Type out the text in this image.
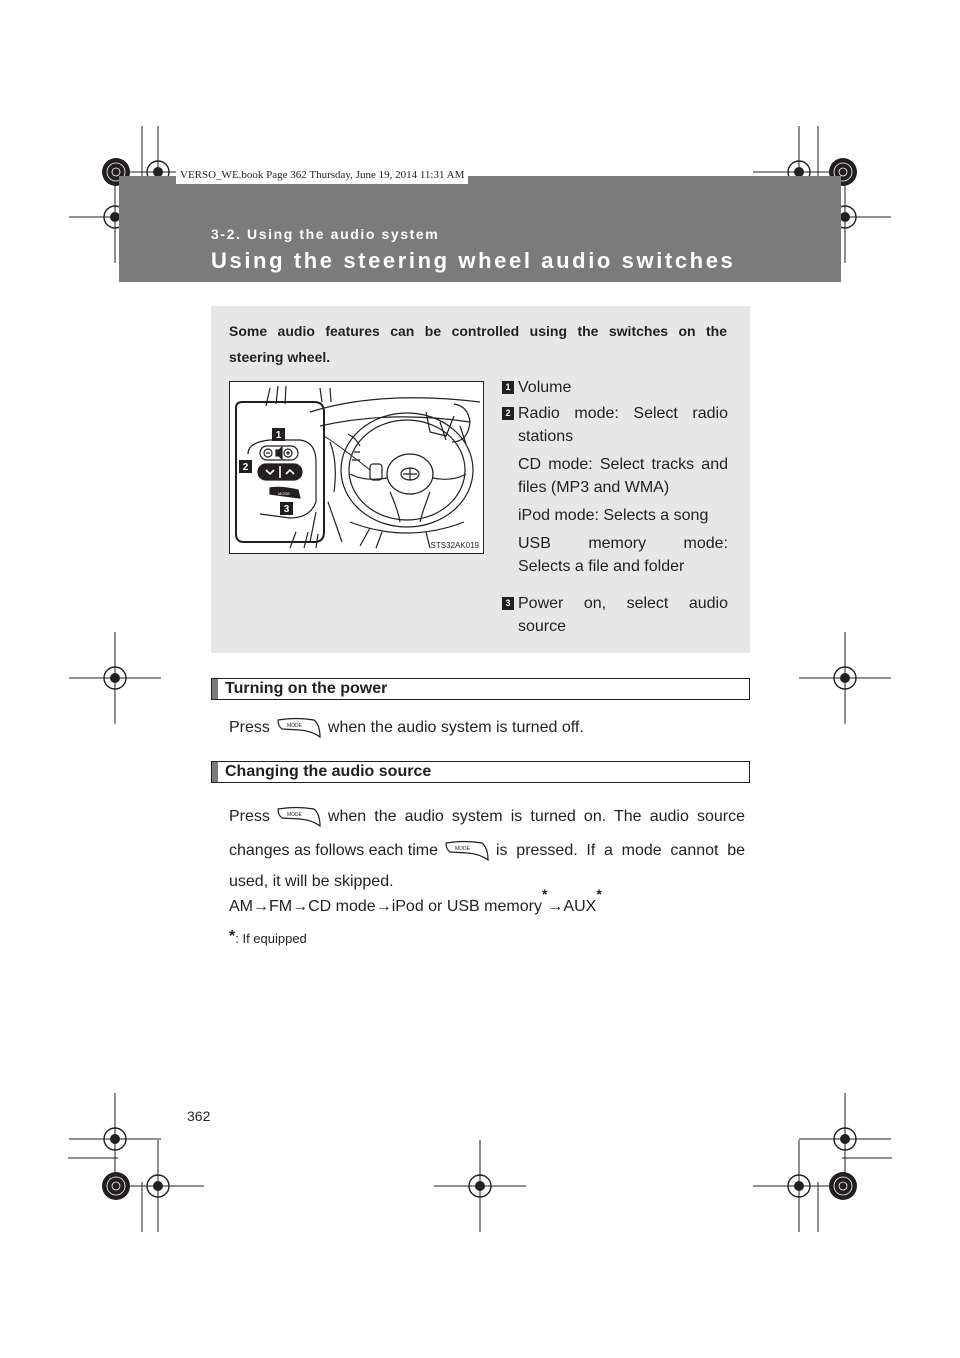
VERSO_WE.book Page 362 Thursday, June 19, 2014 11:31 AM
3-2. Using the audio system
Using the steering wheel audio switches
Some audio features can be controlled using the switches on the
steering wheel.
MODE
1
2
3
STS32AK019
1 Volume
2 Radio mode: Select radio
stations
CD mode: Select tracks and
files (MP3 and WMA)
iPod mode: Selects a song
USB memory mode:
Selects a file and folder
3 Power on, select audio
source
Turning on the power
Press	MODE when the audio system is turned off.
Changing the audio source
Press	MODE when the audio system is turned on. The audio source
changes as follows each time	MODE is pressed. If a mode cannot be
used, it will be skipped.
AM→FM→CD mode→iPod or USB memory*→AUX*
*: If equipped
362
